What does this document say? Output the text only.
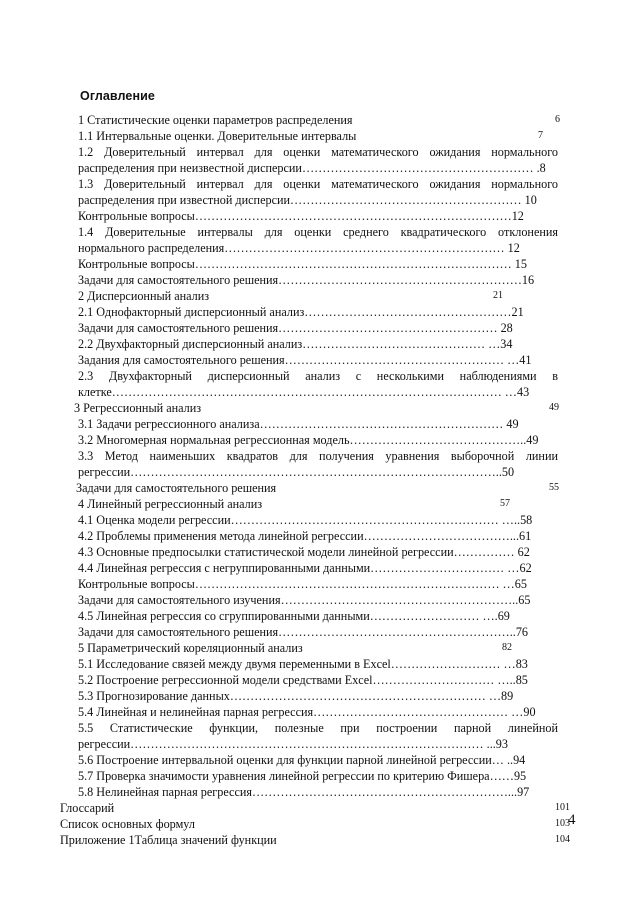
Оглавление
1 Статистические оценки параметров распределения	6
1.1 Интервальные оценки. Доверительные интервалы	7
1.2 Доверительный интервал для оценки математического ожидания нормального
распределения при неизвестной дисперсии………………………………………………… .8
1.3 Доверительный интервал для оценки математического ожидания нормального
распределения при известной дисперсии………………………………………………… 10
Контрольные вопросы……………………………………………………………………12
1.4 Доверительные интервалы для оценки среднего квадратического отклонения
нормального распределения…………………………………………………………… 12
Контрольные вопросы…………………………………………………………………… 15
Задачи для самостоятельного решения……………………………………………………16
2 Дисперсионный анализ	21
2.1 Однофакторный дисперсионный анализ……………………………………………21
Задачи для самостоятельного решения……………………………………………… 28
2.2 Двухфакторный дисперсионный анализ……………………………………… …34
Задания для самостоятельного решения……………………………………………… …41
2.3 Двухфакторный дисперсионный анализ с несколькими наблюдениями в
клетке…………………………………………………………………………………… …43
3 Регрессионный анализ	49
3.1 Задачи регрессионного анализа…………………………………………………… 49
3.2 Многомерная нормальная регрессионная модель……………………………………..49
3.3 Метод наименьших квадратов для получения уравнения выборочной линии
регрессии………………………………………………………………………………..50
Задачи для самостоятельного решения	55
4 Линейный регрессионный анализ	57
4.1 Оценка модели регрессии………………………………………………………… …..58
4.2 Проблемы применения метода линейной регрессии………………………………...61
4.3 Основные предпосылки статистической модели линейной регрессии…………… 62
4.4 Линейная регрессия с негруппированными данными…………………………… …62
Контрольные вопросы………………………………………………………………… …65
Задачи для самостоятельного изучения…………………………………………………..65
4.5 Линейная регрессия со сгруппированными данными……………………… ….69
Задачи для самостоятельного решения…………………………………………………..76
5 Параметрический кореляционный анализ	82
5.1 Исследование связей между двумя переменными в Excel……………………… …83
5.2 Построение регрессионной модели средствами Excel………………………… …..85
5.3 Прогнозирование данных……………………………………………………… …89
5.4 Линейная и нелинейная парная регрессия………………………………………… …90
5.5 Статистические функции, полезные при построении парной линейной
регрессии…………………………………………………………………………… ...93
5.6 Построение интервальной оценки для функции парной линейной регрессии… ..94
5.7 Проверка значимости уравнения линейной регрессии по критерию Фишера……95
5.8 Нелинейная парная регрессия………………………………………………………...97
Глоссарий	101
Список основных формул	103
Приложение 1Таблица значений функции	104
4
